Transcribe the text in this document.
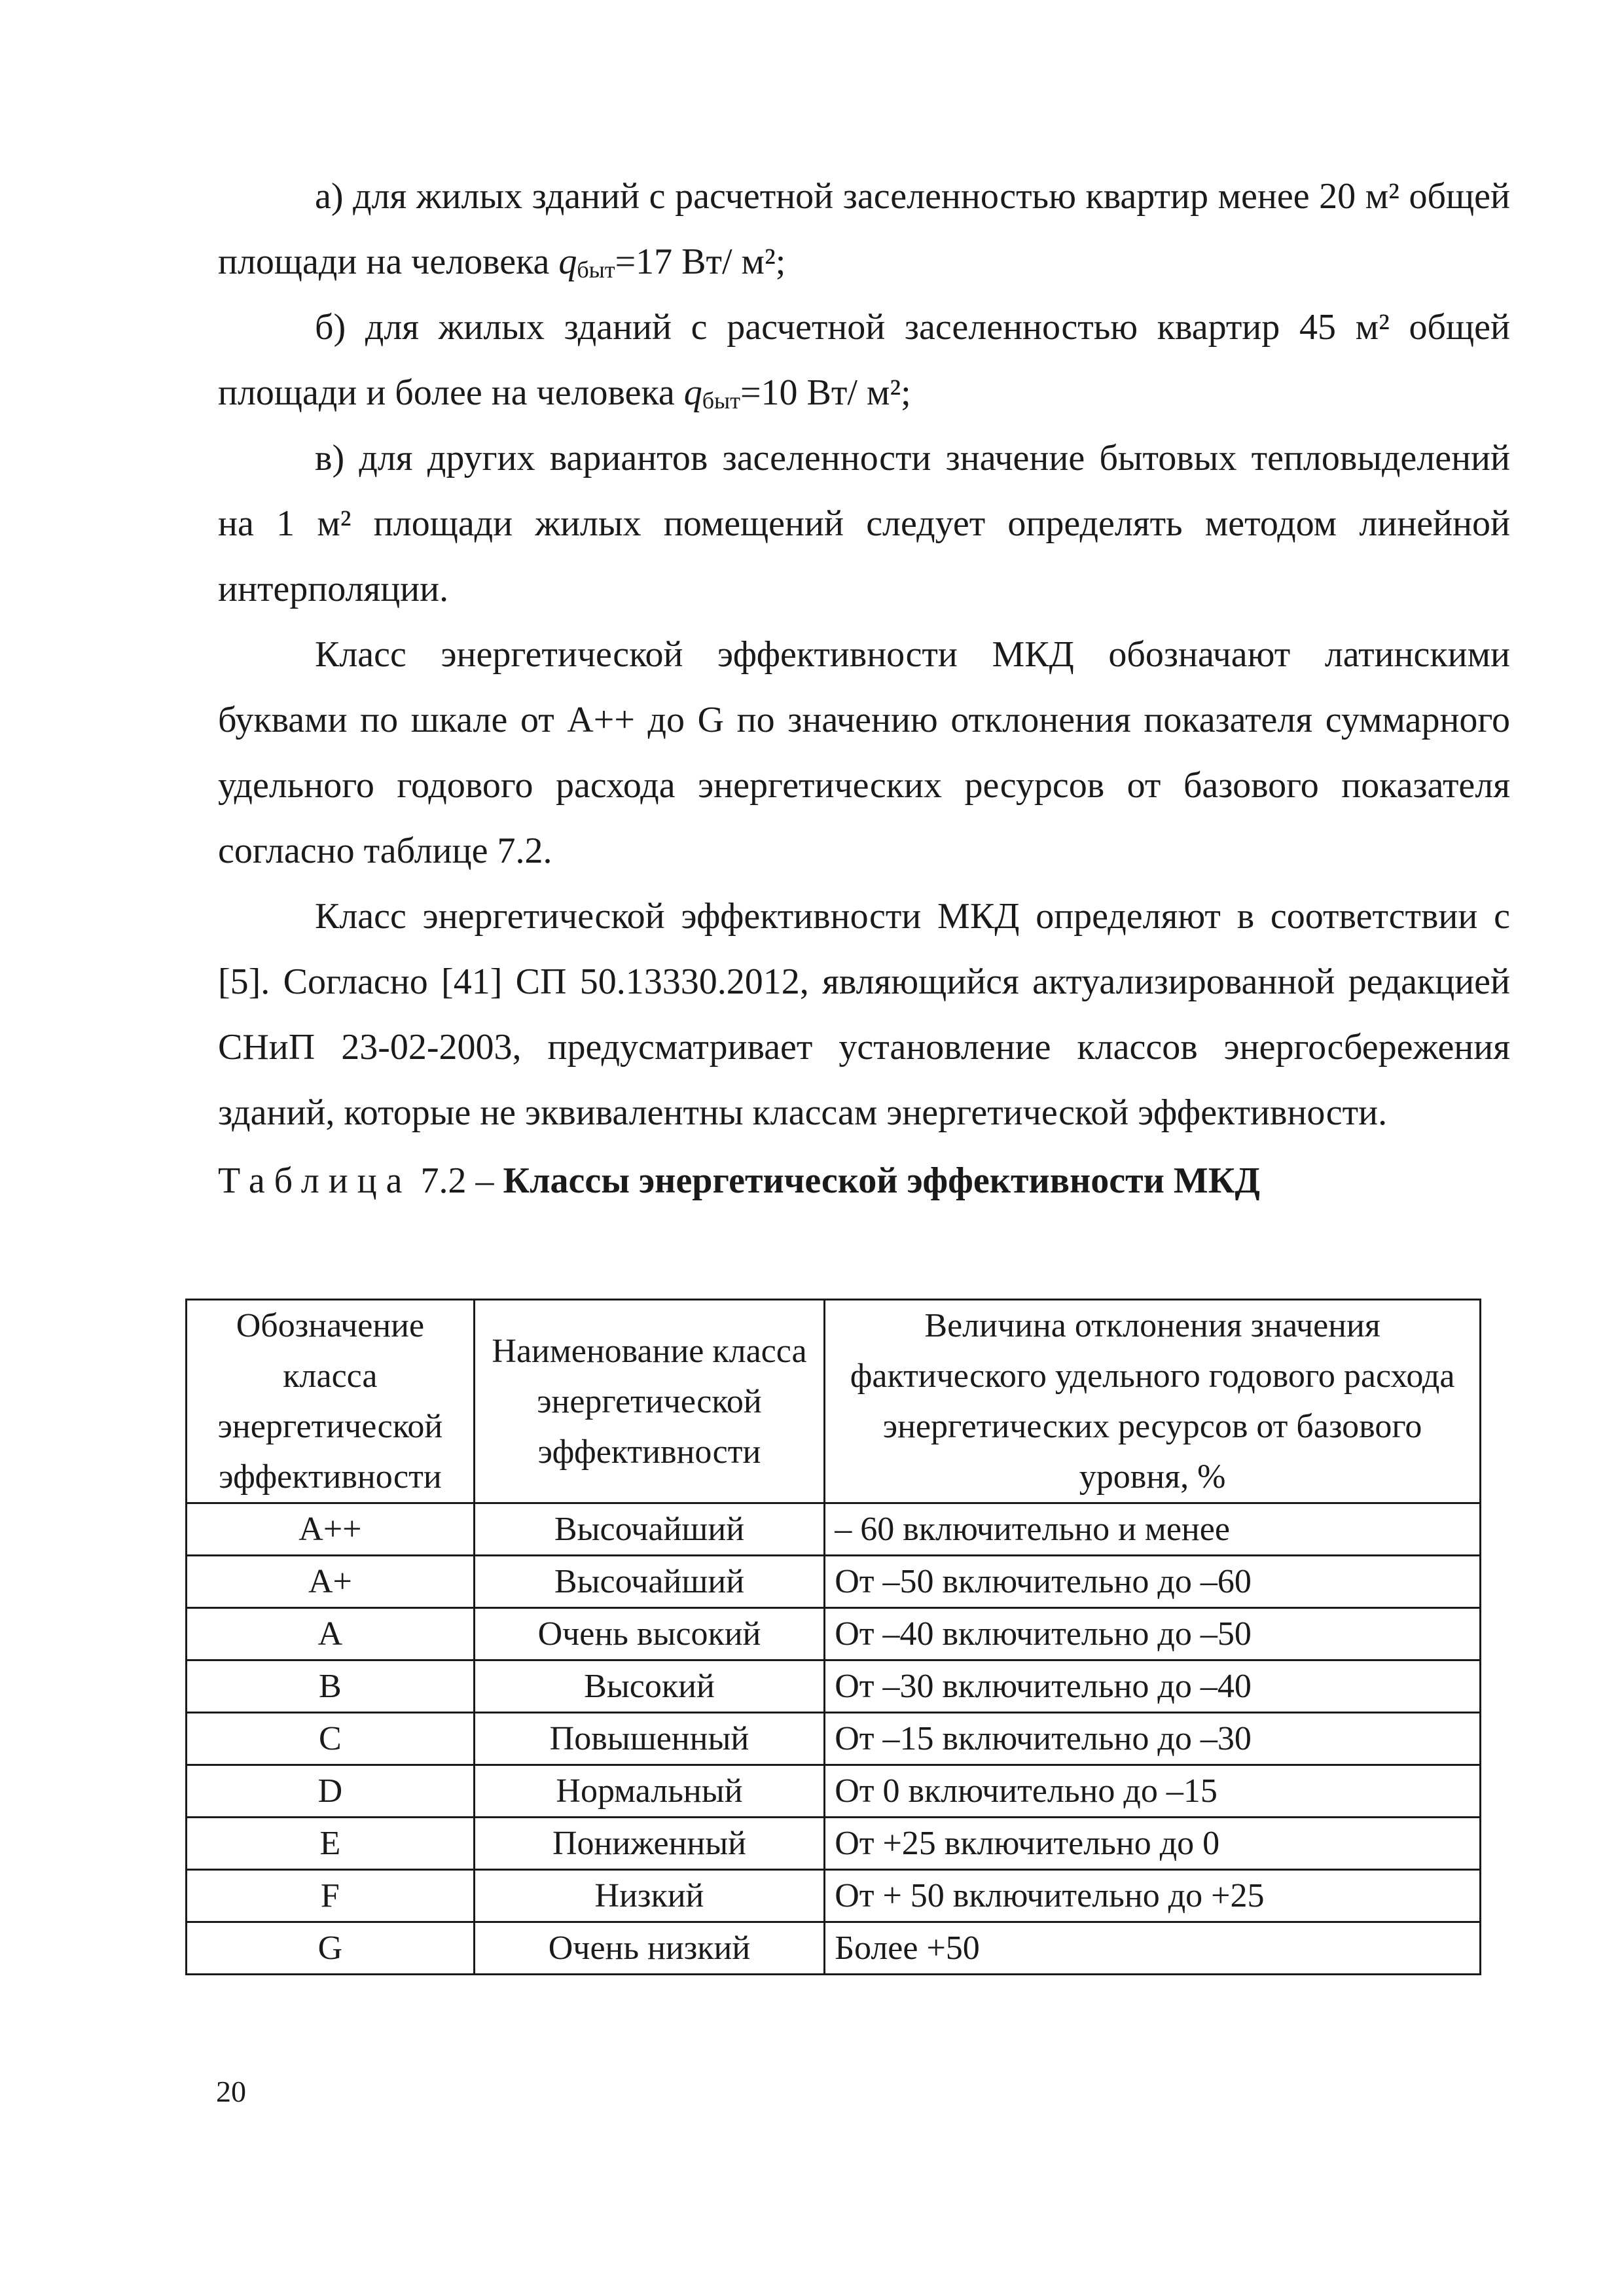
а) для жилых зданий с расчетной заселенностью квартир менее 20 м² общей площади на человека $q_{быт}=17$ Вт/ м²;

б) для жилых зданий с расчетной заселенностью квартир 45 м² общей площади и более на человека $q_{быт}=10$ Вт/ м²;

в) для других вариантов заселенности значение бытовых тепловыделений на 1 м² площади жилых помещений следует определять методом линейной интерполяции.

Класс энергетической эффективности МКД обозначают латинскими буквами по шкале от А++ до G по значению отклонения показателя суммарного удельного годового расхода энергетических ресурсов от базового показателя согласно таблице 7.2.

Класс энергетической эффективности МКД определяют в соответствии с [5]. Согласно [41] СП 50.13330.2012, являющийся актуализированной редакцией СНиП 23-02-2003, предусматривает установление классов энергосбережения зданий, которые не эквивалентны классам энергетической эффективности.

Таблица 7.2 – Классы энергетической эффективности МКД

Обозначение класса энергетической эффективности	Наименование класса энергетической эффективности	Величина отклонения значения фактического удельного годового расхода энергетических ресурсов от базового уровня, %
А++	Высочайший	– 60 включительно и менее
А+	Высочайший	От –50 включительно до –60
А	Очень высокий	От –40 включительно до –50
В	Высокий	От –30 включительно до –40
С	Повышенный	От –15 включительно до –30
D	Нормальный	От 0 включительно до –15
Е	Пониженный	От +25 включительно до 0
F	Низкий	От + 50 включительно до +25
G	Очень низкий	Более +50
20
